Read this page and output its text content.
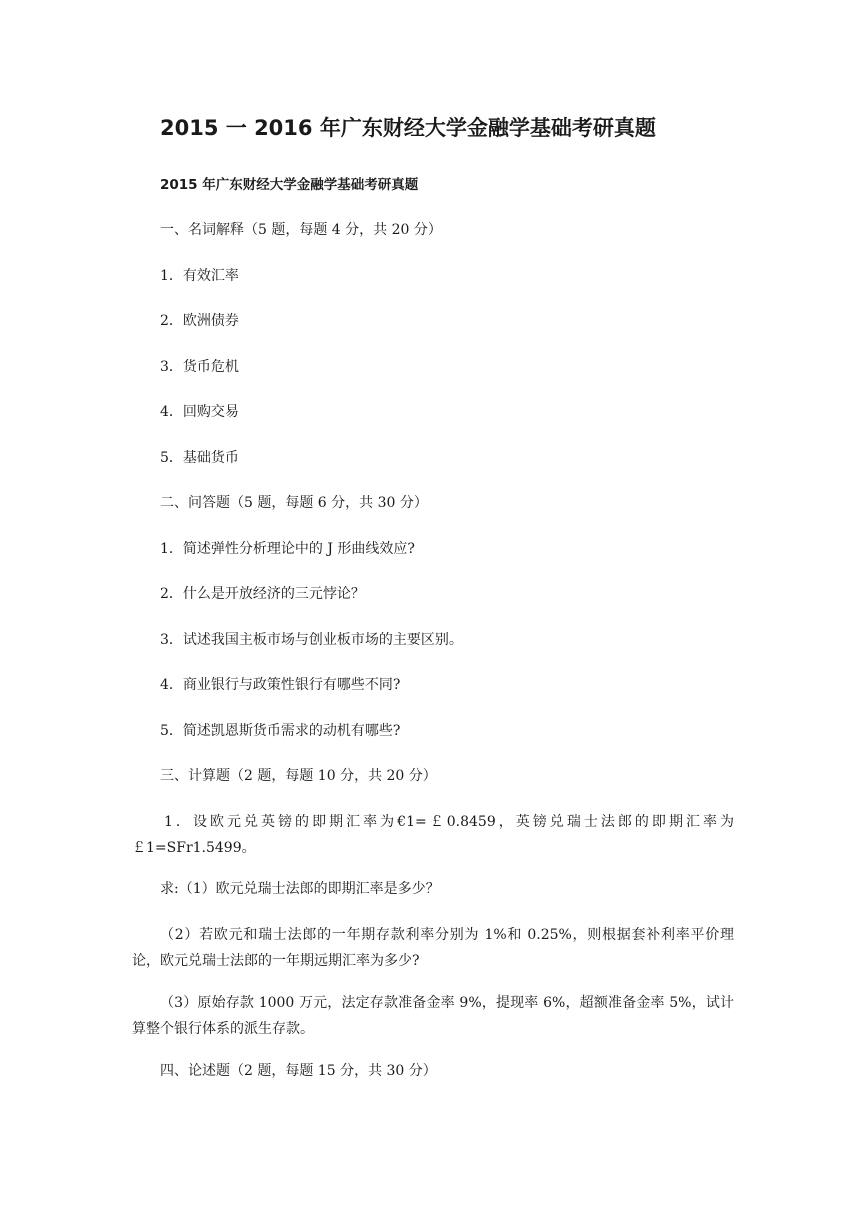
2015 一 2016 年广东财经大学金融学基础考研真题
2015 年广东财经大学金融学基础考研真题
一、名词解释（5 题，每题 4 分，共 20 分）
1．有效汇率
2．欧洲债券
3．货币危机
4．回购交易
5．基础货币
二、问答题（5 题，每题 6 分，共 30 分）
1．简述弹性分析理论中的 J 形曲线效应?
2．什么是开放经济的三元悖论？
3．试述我国主板市场与创业板市场的主要区别。
4．商业银行与政策性银行有哪些不同?
5．简述凯恩斯货币需求的动机有哪些?
三、计算题（2 题，每题 10 分，共 20 分）
1．设欧元兑英镑的即期汇率为€1=￡0.8459，英镑兑瑞士法郎的即期汇率为￡1=SFr1.5499。
求:（1）欧元兑瑞士法郎的即期汇率是多少？
（2）若欧元和瑞士法郎的一年期存款利率分别为 1%和 0.25%，则根据套补利率平价理论，欧元兑瑞士法郎的一年期远期汇率为多少?
（3）原始存款 1000 万元，法定存款准备金率 9%，提现率 6%，超额准备金率 5%，试计算整个银行体系的派生存款。
四、论述题（2 题，每题 15 分，共 30 分）
